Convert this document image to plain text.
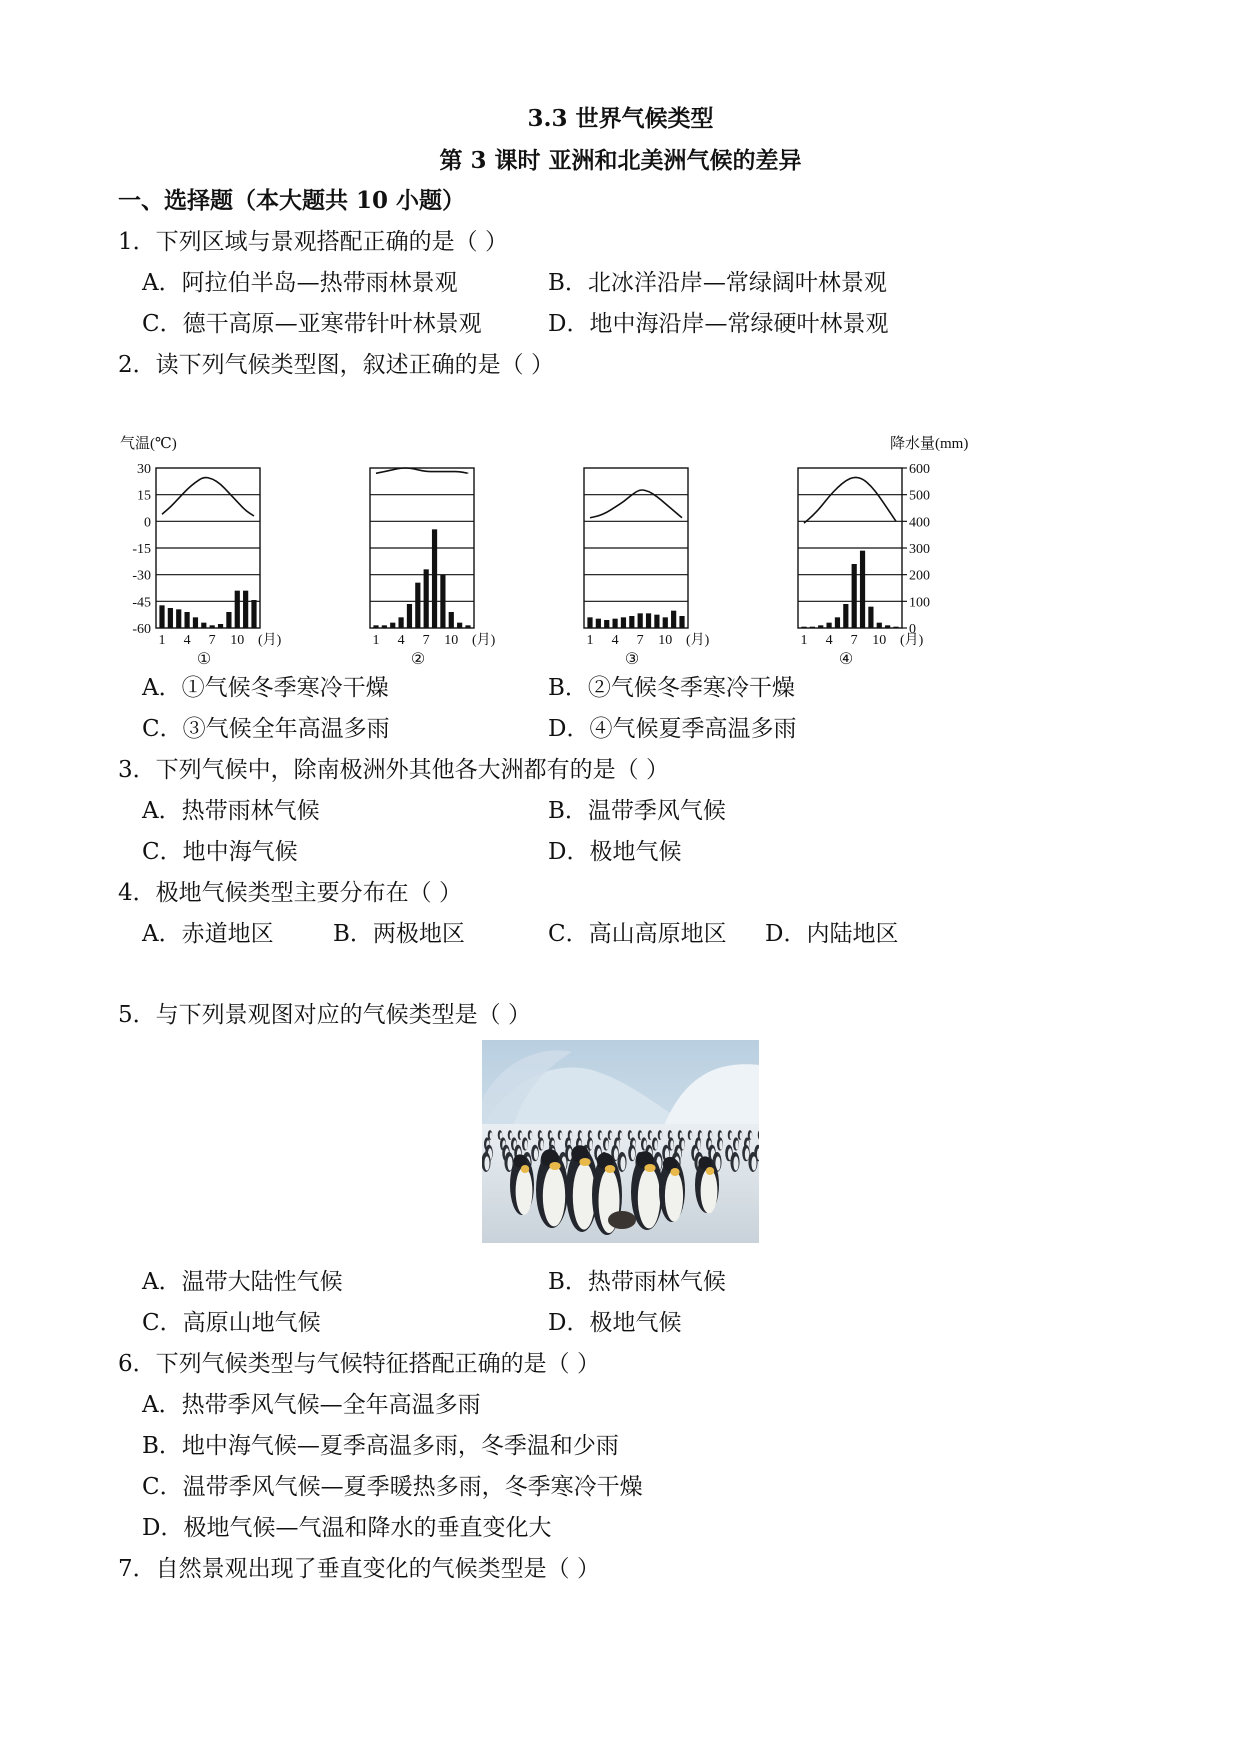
3.3 世界气候类型
第 3 课时 亚洲和北美洲气候的差异
一、选择题（本大题共 10 小题）
1．下列区域与景观搭配正确的是（ ）
A．阿拉伯半岛—热带雨林景观	B．北冰洋沿岸—常绿阔叶林景观
C．德干高原—亚寒带针叶林景观	D．地中海沿岸—常绿硬叶林景观
2．读下列气候类型图，叙述正确的是（ ）
气温(℃)	降水量(mm)
1 4 7 10 (月)
①
1 4 7 10 (月)
②
1 4 7 10 (月)
③
1 4 7 10 (月)
④
30
15
0
-15
-30
-45
-60
600
500
400
300
200
100
0
A．①气候冬季寒冷干燥	B．②气候冬季寒冷干燥
C．③气候全年高温多雨	D．④气候夏季高温多雨
3．下列气候中，除南极洲外其他各大洲都有的是（ ）
A．热带雨林气候	B．温带季风气候
C．地中海气候	D．极地气候
4．极地气候类型主要分布在（ ）
A．赤道地区	B．两极地区	C．高山高原地区 D．内陆地区
5．与下列景观图对应的气候类型是（ ）
A．温带大陆性气候	B．热带雨林气候
C．高原山地气候	D．极地气候
6．下列气候类型与气候特征搭配正确的是（ ）
A．热带季风气候—全年高温多雨
B．地中海气候—夏季高温多雨，冬季温和少雨
C．温带季风气候—夏季暖热多雨，冬季寒冷干燥
D．极地气候—气温和降水的垂直变化大
7．自然景观出现了垂直变化的气候类型是（ ）
